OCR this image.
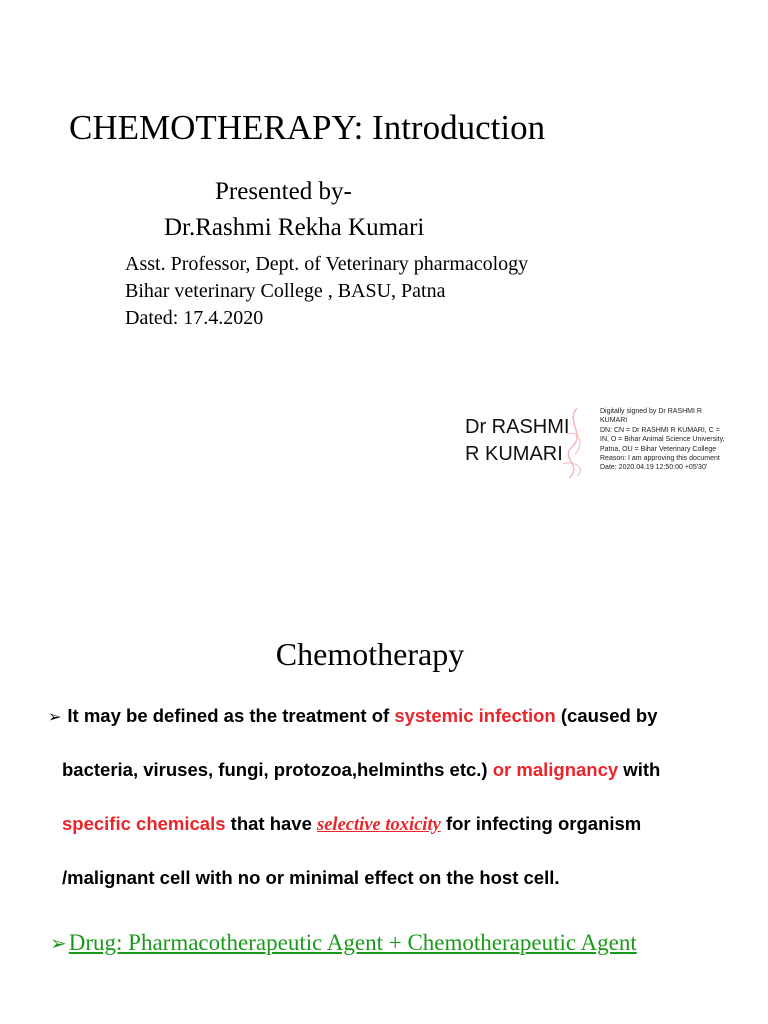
CHEMOTHERAPY: Introduction
Presented by-
Dr.Rashmi Rekha Kumari
Asst. Professor, Dept. of Veterinary pharmacology
Bihar veterinary College , BASU, Patna
Dated: 17.4.2020
Dr RASHMI
R KUMARI
Digitally signed by Dr RASHMI R
KUMARI
DN: CN = Dr RASHMI R KUMARI, C =
IN, O = Bihar Animal Science University,
Patna, OU = Bihar Veterinary College
Reason: I am approving this document
Date: 2020.04.19 12:50:00 +05'30'
Chemotherapy
➢ It may be defined as the treatment of systemic infection (caused by
bacteria, viruses, fungi, protozoa,helminths etc.) or malignancy with
specific chemicals that have selective toxicity for infecting organism
/malignant cell with no or minimal effect on the host cell.
➢Drug: Pharmacotherapeutic Agent + Chemotherapeutic Agent
